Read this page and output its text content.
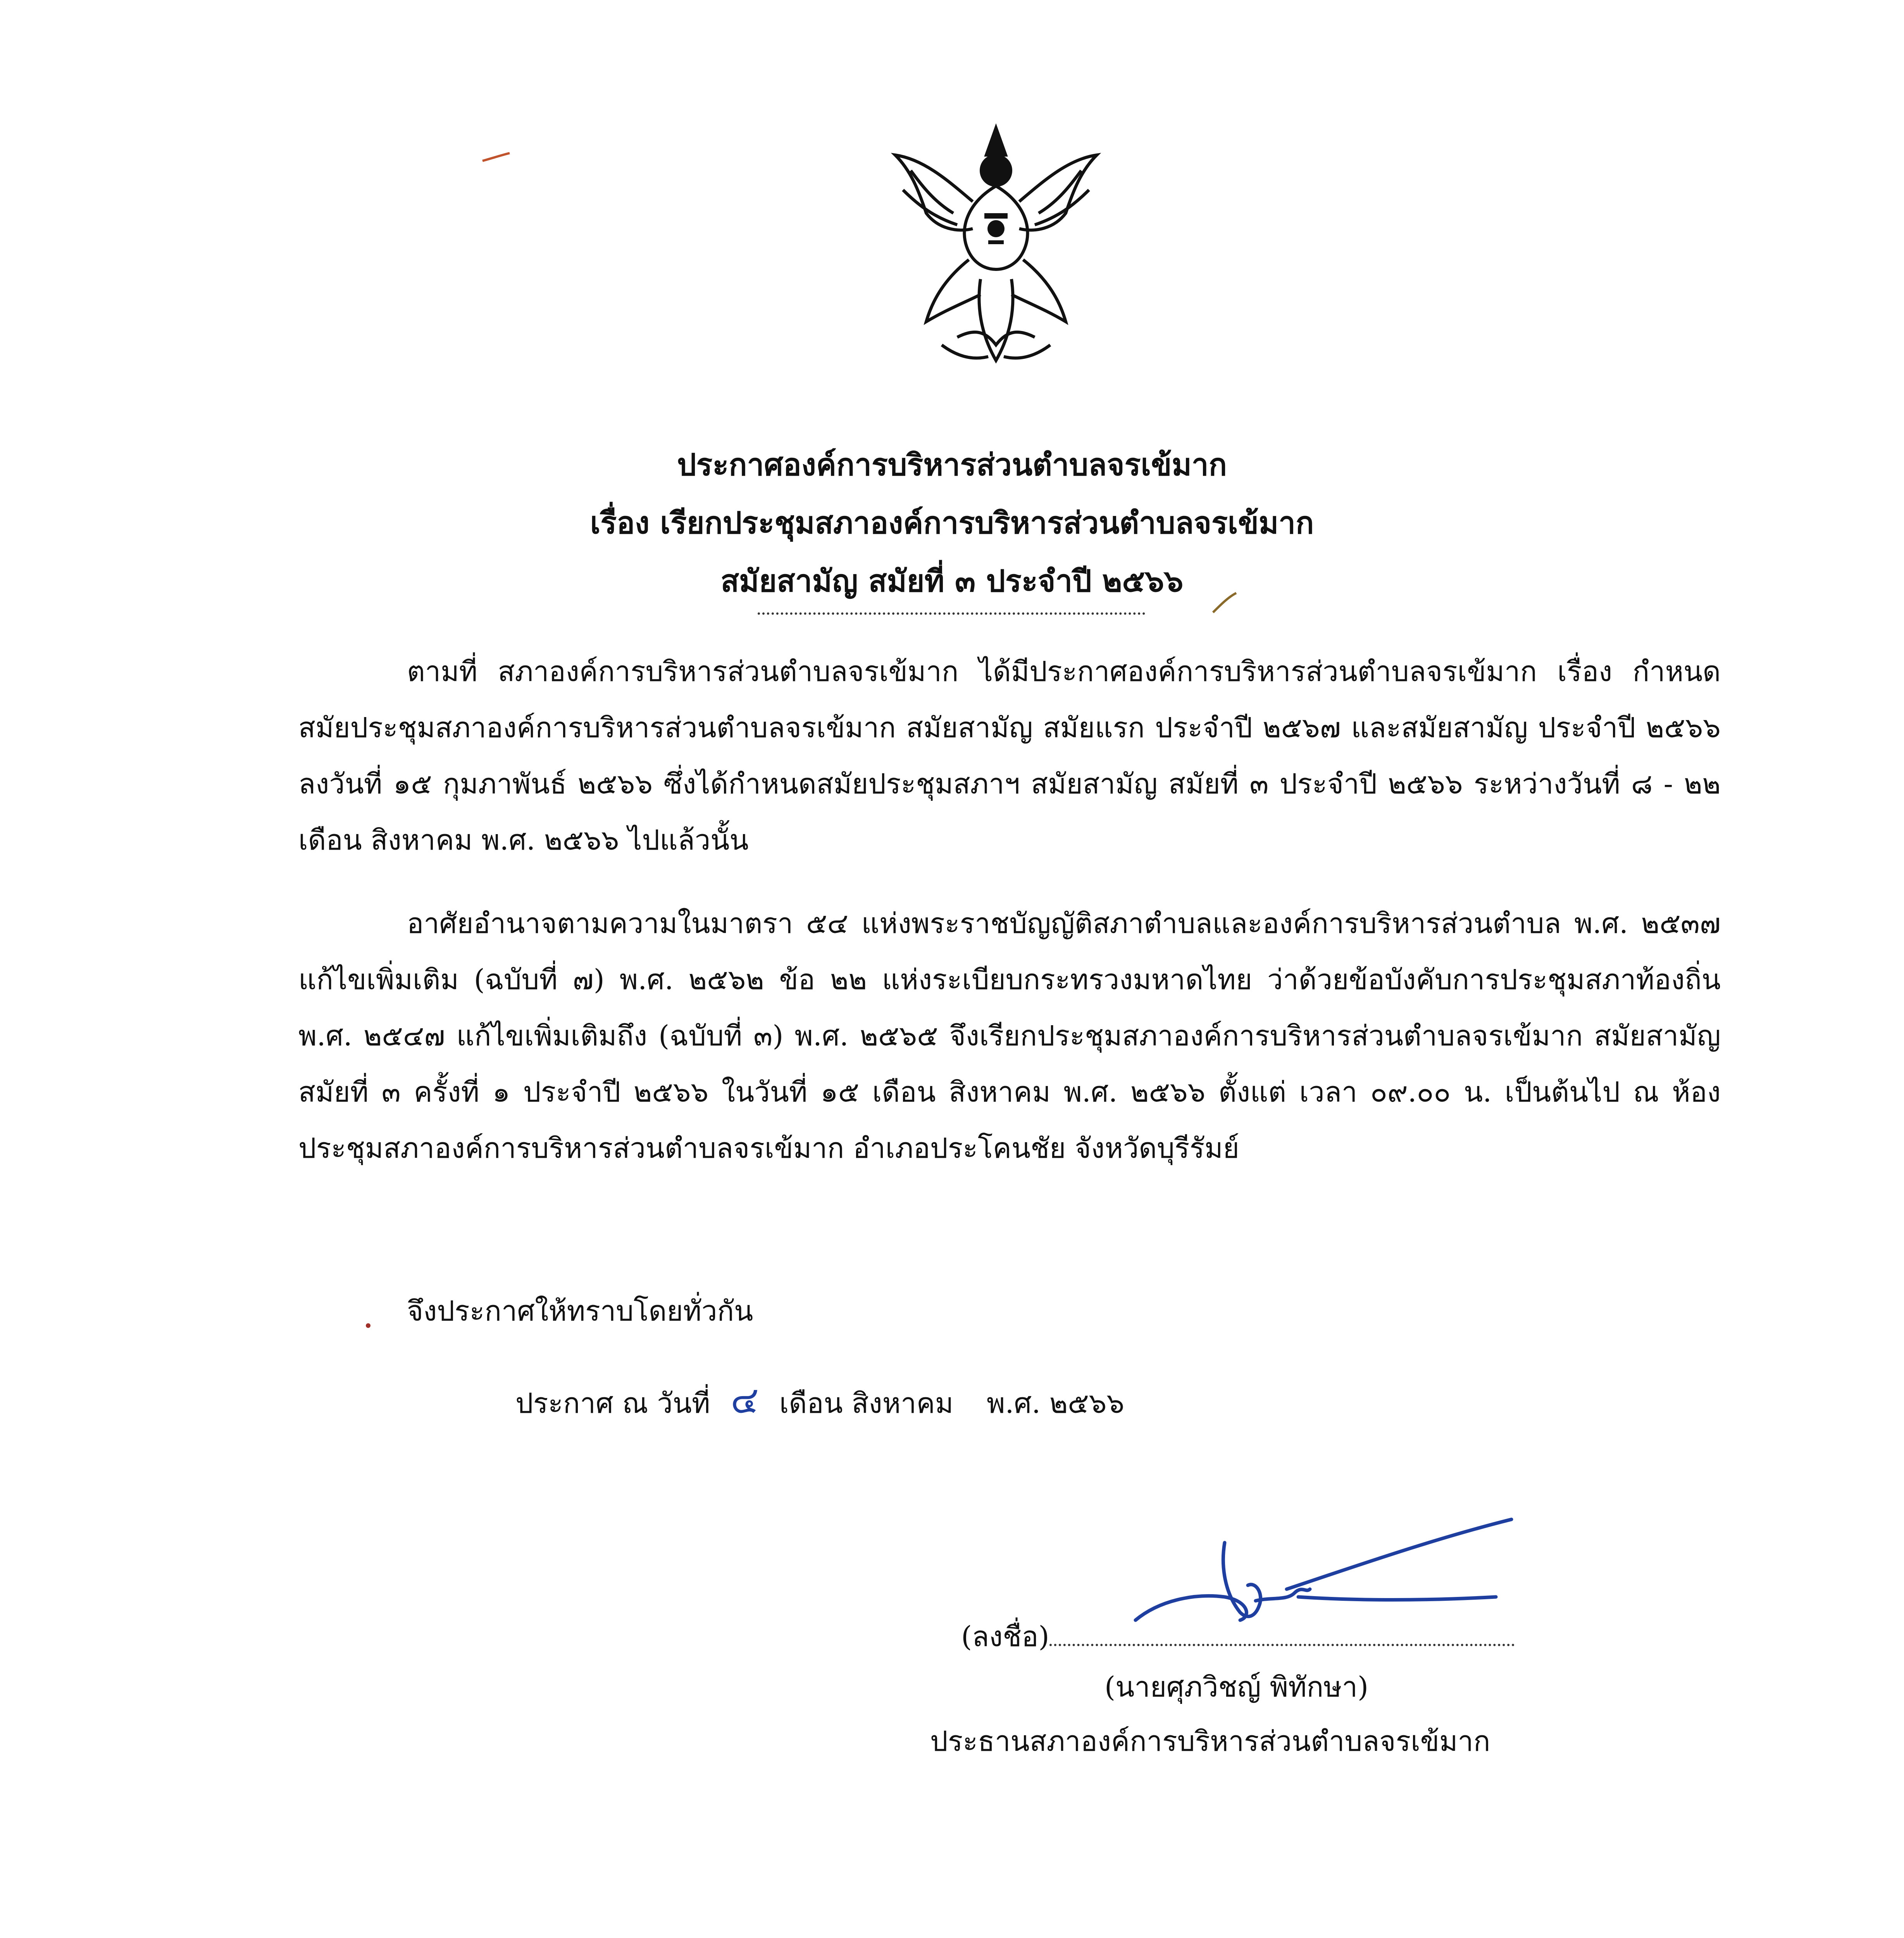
ประกาศองค์การบริหารส่วนตำบลจรเข้มาก
เรื่อง เรียกประชุมสภาองค์การบริหารส่วนตำบลจรเข้มาก
สมัยสามัญ สมัยที่ ๓ ประจำปี ๒๕๖๖
ตามที่ สภาองค์การบริหารส่วนตำบลจรเข้มาก ได้มีประกาศองค์การบริหารส่วนตำบลจรเข้มาก เรื่อง กำหนดสมัยประชุมสภาองค์การบริหารส่วนตำบลจรเข้มาก สมัยสามัญ สมัยแรก ประจำปี ๒๕๖๗ และสมัยสามัญ ประจำปี ๒๕๖๖ ลงวันที่ ๑๕ กุมภาพันธ์ ๒๕๖๖ ซึ่งได้กำหนดสมัยประชุมสภาฯ สมัยสามัญ สมัยที่ ๓ ประจำปี ๒๕๖๖ ระหว่างวันที่ ๘ - ๒๒ เดือน สิงหาคม พ.ศ. ๒๕๖๖ ไปแล้วนั้น
อาศัยอำนาจตามความในมาตรา ๕๔ แห่งพระราชบัญญัติสภาตำบลและองค์การบริหารส่วนตำบล พ.ศ. ๒๕๓๗ แก้ไขเพิ่มเติม (ฉบับที่ ๗) พ.ศ. ๒๕๖๒ ข้อ ๒๒ แห่งระเบียบกระทรวงมหาดไทย ว่าด้วยข้อบังคับการประชุมสภาท้องถิ่น พ.ศ. ๒๕๔๗ แก้ไขเพิ่มเติมถึง (ฉบับที่ ๓) พ.ศ. ๒๕๖๕ จึงเรียกประชุมสภาองค์การบริหารส่วนตำบลจรเข้มาก สมัยสามัญ สมัยที่ ๓ ครั้งที่ ๑ ประจำปี ๒๕๖๖ ในวันที่ ๑๕ เดือน สิงหาคม พ.ศ. ๒๕๖๖ ตั้งแต่ เวลา ๐๙.๐๐ น. เป็นต้นไป ณ ห้องประชุมสภาองค์การบริหารส่วนตำบลจรเข้มาก อำเภอประโคนชัย จังหวัดบุรีรัมย์
จึงประกาศให้ทราบโดยทั่วกัน
ประกาศ ณ วันที่ ๔ เดือน สิงหาคม พ.ศ. ๒๕๖๖
(ลงชื่อ)
(นายศุภวิชญ์ พิทักษา)
ประธานสภาองค์การบริหารส่วนตำบลจรเข้มาก
